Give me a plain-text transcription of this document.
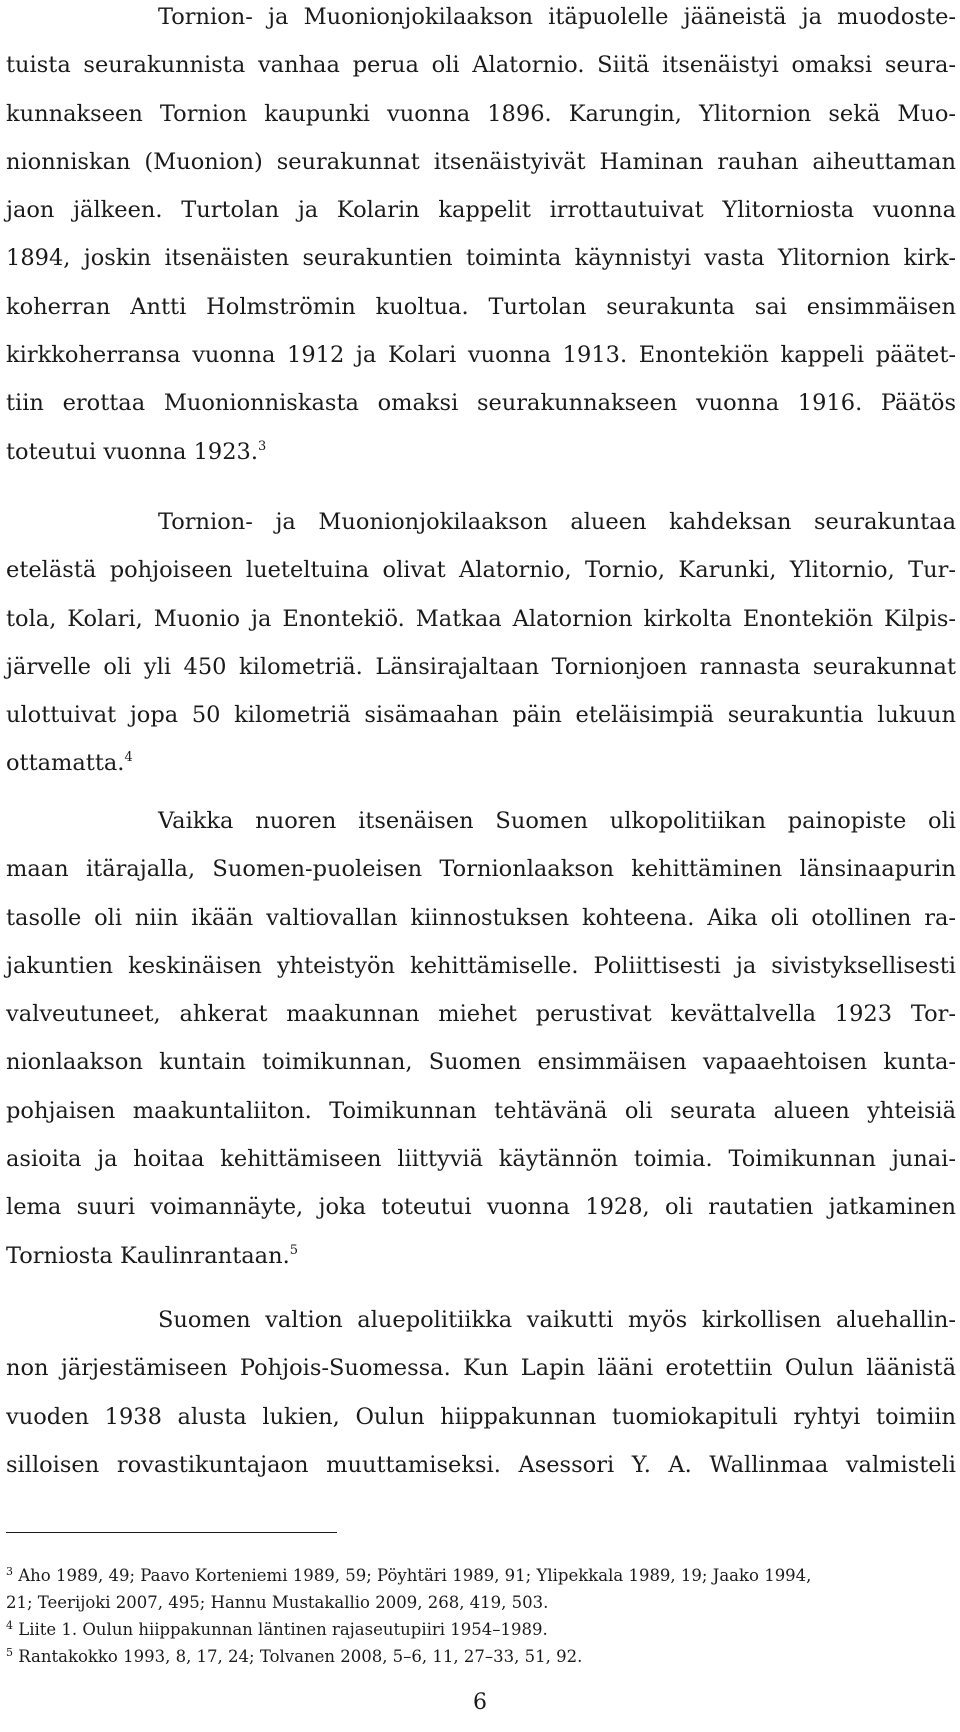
Tornion- ja Muonionjokilaakson itäpuolelle jääneistä ja muodoste-
tuista seurakunnista vanhaa perua oli Alatornio. Siitä itsenäistyi omaksi seura-
kunnakseen Tornion kaupunki vuonna 1896. Karungin, Ylitornion sekä Muo-
nionniskan (Muonion) seurakunnat itsenäistyivät Haminan rauhan aiheuttaman
jaon jälkeen. Turtolan ja Kolarin kappelit irrottautuivat Ylitorniosta vuonna
1894, joskin itsenäisten seurakuntien toiminta käynnistyi vasta Ylitornion kirk-
koherran Antti Holmströmin kuoltua. Turtolan seurakunta sai ensimmäisen
kirkkoherransa vuonna 1912 ja Kolari vuonna 1913. Enontekiön kappeli päätet-
tiin erottaa Muonionniskasta omaksi seurakunnakseen vuonna 1916. Päätös
toteutui vuonna 1923.$^3$
Tornion- ja Muonionjokilaakson alueen kahdeksan seurakuntaa
etelästä pohjoiseen lueteltuina olivat Alatornio, Tornio, Karunki, Ylitornio, Tur-
tola, Kolari, Muonio ja Enontekiö. Matkaa Alatornion kirkolta Enontekiön Kilpis-
järvelle oli yli 450 kilometriä. Länsirajaltaan Tornionjoen rannasta seurakunnat
ulottuivat jopa 50 kilometriä sisämaahan päin eteläisimpiä seurakuntia lukuun
ottamatta.$^4$
Vaikka nuoren itsenäisen Suomen ulkopolitiikan painopiste oli
maan itärajalla, Suomen-puoleisen Tornionlaakson kehittäminen länsinaapurin
tasolle oli niin ikään valtiovallan kiinnostuksen kohteena. Aika oli otollinen ra-
jakuntien keskinäisen yhteistyön kehittämiselle. Poliittisesti ja sivistyksellisesti
valveutuneet, ahkerat maakunnan miehet perustivat kevättalvella 1923 Tor-
nionlaakson kuntain toimikunnan, Suomen ensimmäisen vapaaehtoisen kunta-
pohjaisen maakuntaliiton. Toimikunnan tehtävänä oli seurata alueen yhteisiä
asioita ja hoitaa kehittämiseen liittyviä käytännön toimia. Toimikunnan junai-
lema suuri voimannäyte, joka toteutui vuonna 1928, oli rautatien jatkaminen
Torniosta Kaulinrantaan.$^5$
Suomen valtion aluepolitiikka vaikutti myös kirkollisen aluehallin-
non järjestämiseen Pohjois-Suomessa. Kun Lapin lääni erotettiin Oulun läänistä
vuoden 1938 alusta lukien, Oulun hiippakunnan tuomiokapituli ryhtyi toimiin
silloisen rovastikuntajaon muuttamiseksi. Asessori Y. A. Wallinmaa valmisteli
$^3$ Aho 1989, 49; Paavo Korteniemi 1989, 59; Pöyhtäri 1989, 91; Ylipekkala 1989, 19; Jaako 1994,
21; Teerijoki 2007, 495; Hannu Mustakallio 2009, 268, 419, 503.
$^4$ Liite 1. Oulun hiippakunnan läntinen rajaseutupiiri 1954–1989.
$^5$ Rantakokko 1993, 8, 17, 24; Tolvanen 2008, 5–6, 11, 27–33, 51, 92.
6
